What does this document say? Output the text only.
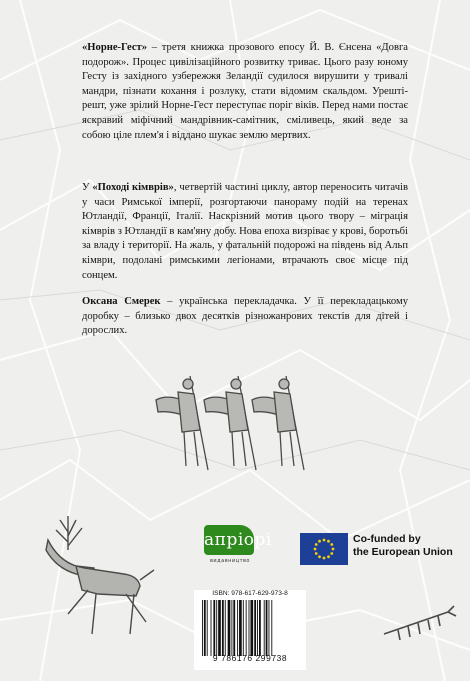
«Норне-Гест» – третя книжка прозового епосу Й. В. Єнсена «Довга подорож». Процес цивілізаційного розвитку триває. Цього разу юному Гесту із західного узбережжя Зеландії судилося вирушити у тривалі мандри, пізнати кохання і розлуку, стати відомим скальдом. Урешті-решт, уже зрілий Норне-Гест переступає поріг віків. Перед нами постає яскравий міфічний мандрівник-самітник, сміливець, який веде за собою ціле плем'я і віддано шукає землю мертвих.

У «Поході кімврів», четвертій частині циклу, автор переносить читачів у часи Римської імперії, розгортаючи панораму подій на теренах Ютландії, Франції, Італії. Наскрізний мотив цього твору – міграція кімврів з Ютландії в кам'яну добу. Нова епоха визріває у крові, боротьбі за владу і території. На жаль, у фатальній подорожі на південь від Альп кімври, подолані римськими легіонами, втрачають своє місце під сонцем.

Оксана Смерек – українська перекладачка. У її перекладацькому доробку – близько двох десятків різножанрових текстів для дітей і дорослих.

апріорі
видавництво
Co-funded by
the European Union
ISBN: 978-617-629-973-8
9 786176 299738
